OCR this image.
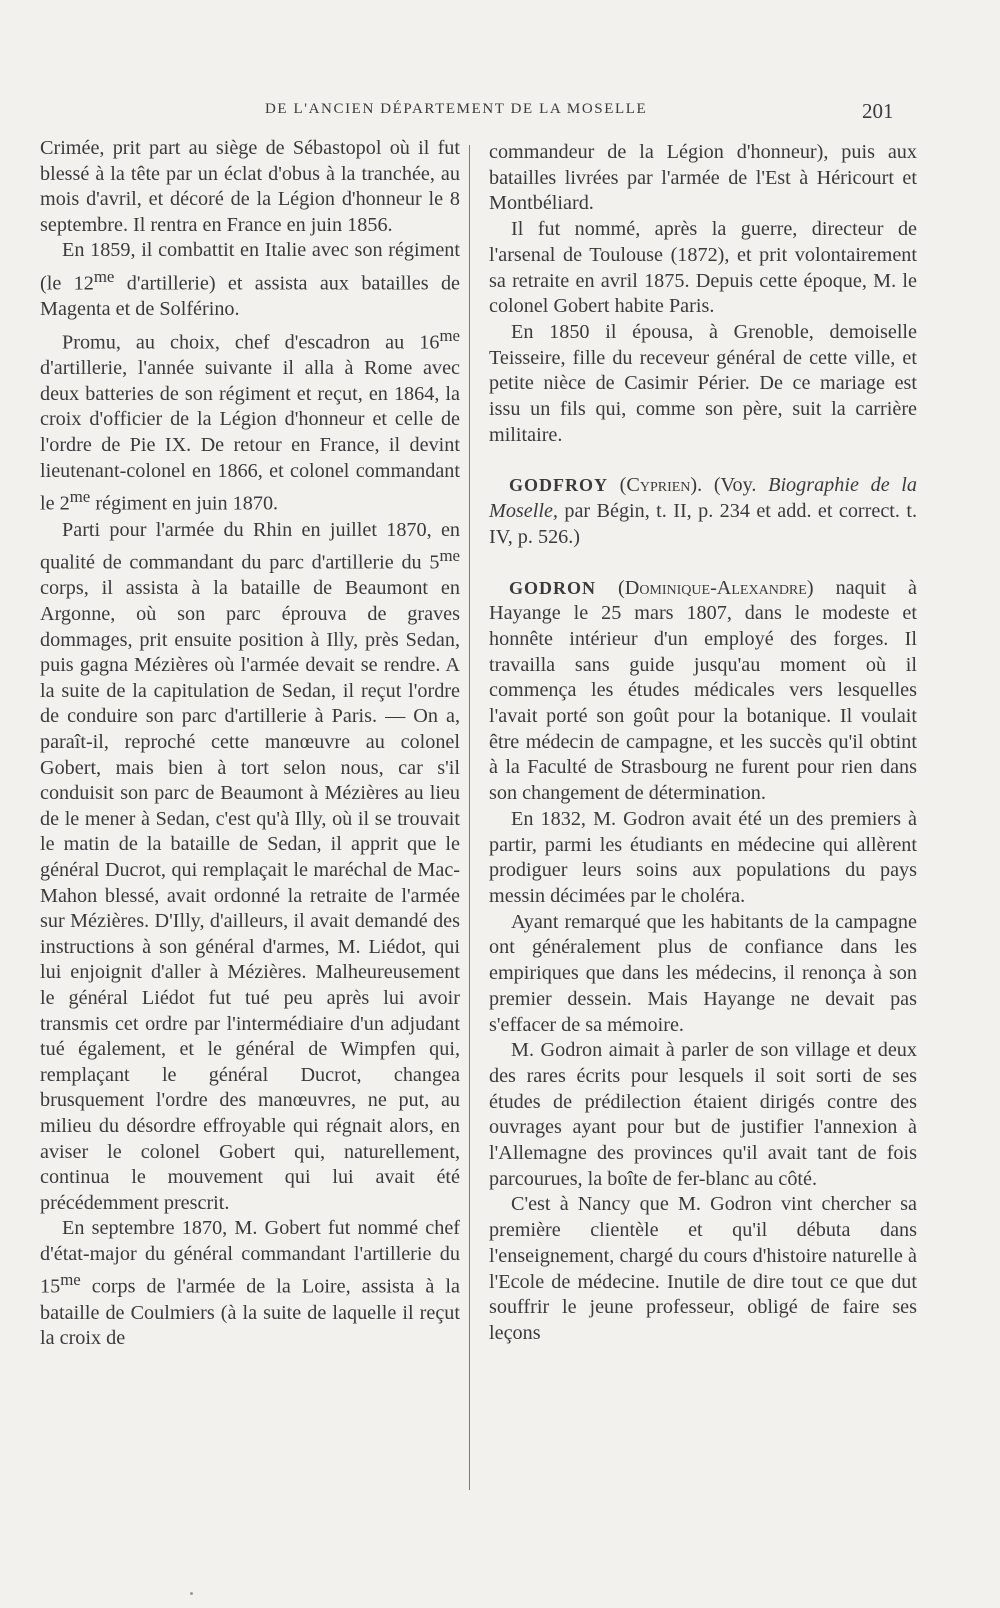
DE L'ANCIEN DÉPARTEMENT DE LA MOSELLE	201

Crimée, prit part au siège de Sébastopol où il fut blessé à la tête par un éclat d'obus à la tranchée, au mois d'avril, et décoré de la Légion d'honneur le 8 septembre. Il rentra en France en juin 1856.

En 1859, il combattit en Italie avec son régiment (le $12^{me}$ d'artillerie) et assista aux batailles de Magenta et de Solférino.

Promu, au choix, chef d'escadron au $16^{me}$ d'artillerie, l'année suivante il alla à Rome avec deux batteries de son régiment et reçut, en 1864, la croix d'officier de la Légion d'honneur et celle de l'ordre de Pie IX. De retour en France, il devint lieutenant-colonel en 1866, et colonel commandant le $2^{me}$ régiment en juin 1870.

Parti pour l'armée du Rhin en juillet 1870, en qualité de commandant du parc d'artillerie du $5^{me}$ corps, il assista à la bataille de Beaumont en Argonne, où son parc éprouva de graves dommages, prit ensuite position à Illy, près Sedan, puis gagna Mézières où l'armée devait se rendre. A la suite de la capitulation de Sedan, il reçut l'ordre de conduire son parc d'artillerie à Paris. — On a, paraît-il, reproché cette manœuvre au colonel Gobert, mais bien à tort selon nous, car s'il conduisit son parc de Beaumont à Mézières au lieu de le mener à Sedan, c'est qu'à Illy, où il se trouvait le matin de la bataille de Sedan, il apprit que le général Ducrot, qui remplaçait le maréchal de Mac-Mahon blessé, avait ordonné la retraite de l'armée sur Mézières. D'Illy, d'ailleurs, il avait demandé des instructions à son général d'armes, M. Liédot, qui lui enjoignit d'aller à Mézières. Malheureusement le général Liédot fut tué peu après lui avoir transmis cet ordre par l'intermédiaire d'un adjudant tué également, et le général de Wimpfen qui, remplaçant le général Ducrot, changea brusquement l'ordre des manœuvres, ne put, au milieu du désordre effroyable qui régnait alors, en aviser le colonel Gobert qui, naturellement, continua le mouvement qui lui avait été précédemment prescrit.

En septembre 1870, M. Gobert fut nommé chef d'état-major du général commandant l'artillerie du $15^{me}$ corps de l'armée de la Loire, assista à la bataille de Coulmiers (à la suite de laquelle il reçut la croix de

commandeur de la Légion d'honneur), puis aux batailles livrées par l'armée de l'Est à Héricourt et Montbéliard.

Il fut nommé, après la guerre, directeur de l'arsenal de Toulouse (1872), et prit volontairement sa retraite en avril 1875. Depuis cette époque, M. le colonel Gobert habite Paris.

En 1850 il épousa, à Grenoble, demoiselle Teisseire, fille du receveur général de cette ville, et petite nièce de Casimir Périer. De ce mariage est issu un fils qui, comme son père, suit la carrière militaire.

GODFROY (Cyprien). (Voy. Biographie de la Moselle, par Bégin, t. II, p. 234 et add. et correct. t. IV, p. 526.)

GODRON (Dominique-Alexandre) naquit à Hayange le 25 mars 1807, dans le modeste et honnête intérieur d'un employé des forges. Il travailla sans guide jusqu'au moment où il commença les études médicales vers lesquelles l'avait porté son goût pour la botanique. Il voulait être médecin de campagne, et les succès qu'il obtint à la Faculté de Strasbourg ne furent pour rien dans son changement de détermination.

En 1832, M. Godron avait été un des premiers à partir, parmi les étudiants en médecine qui allèrent prodiguer leurs soins aux populations du pays messin décimées par le choléra.

Ayant remarqué que les habitants de la campagne ont généralement plus de confiance dans les empiriques que dans les médecins, il renonça à son premier dessein. Mais Hayange ne devait pas s'effacer de sa mémoire.

M. Godron aimait à parler de son village et deux des rares écrits pour lesquels il soit sorti de ses études de prédilection étaient dirigés contre des ouvrages ayant pour but de justifier l'annexion à l'Allemagne des provinces qu'il avait tant de fois parcourues, la boîte de fer-blanc au côté.

C'est à Nancy que M. Godron vint chercher sa première clientèle et qu'il débuta dans l'enseignement, chargé du cours d'histoire naturelle à l'Ecole de médecine. Inutile de dire tout ce que dut souffrir le jeune professeur, obligé de faire ses leçons
